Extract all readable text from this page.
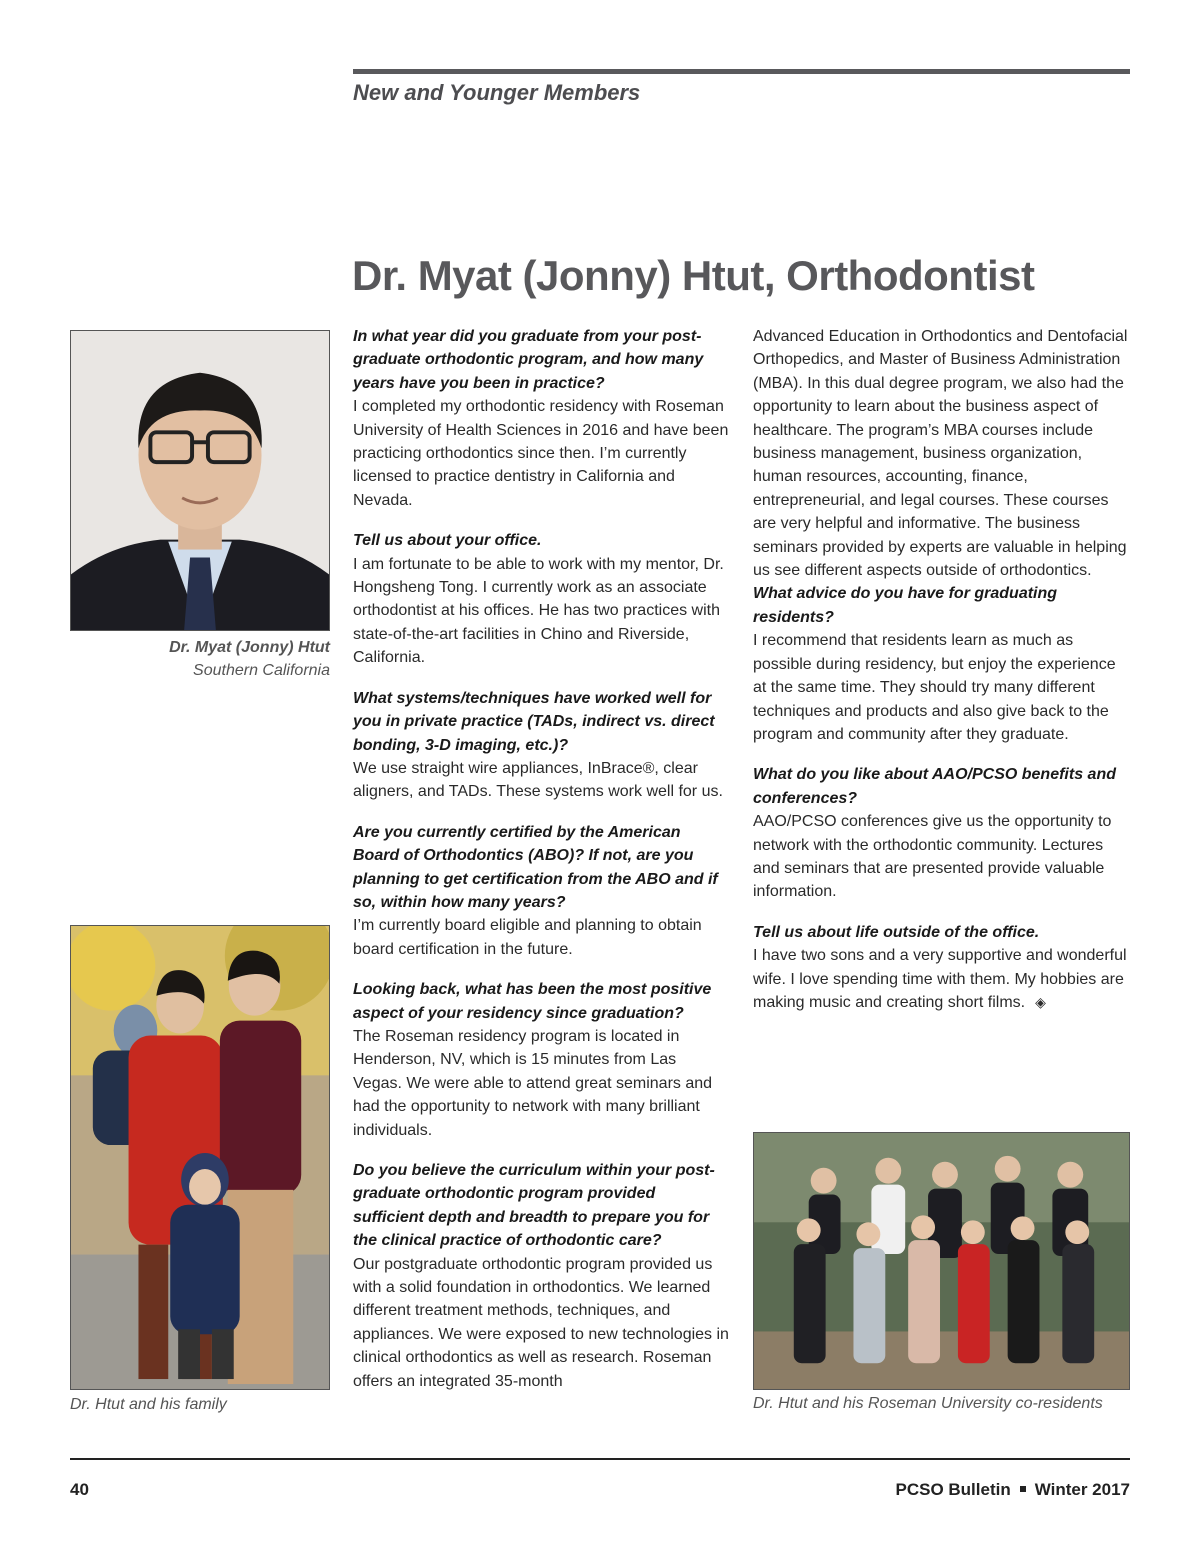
New and Younger Members
Dr. Myat (Jonny) Htut, Orthodontist
Dr. Myat (Jonny) Htut
Southern California
Dr. Htut and his family

In what year did you graduate from your post-graduate orthodontic program, and how many years have you been in practice?

I completed my orthodontic residency with Roseman University of Health Sciences in 2016 and have been practicing orthodontics since then. I’m currently licensed to practice dentistry in California and Nevada.

Tell us about your office.

I am fortunate to be able to work with my mentor, Dr. Hongsheng Tong. I currently work as an associate orthodontist at his offices. He has two practices with state-of-the-art facilities in Chino and Riverside, California.

What systems/techniques have worked well for you in private practice (TADs, indirect vs. direct bonding, 3-D imaging, etc.)?

We use straight wire appliances, InBrace®, clear aligners, and TADs. These systems work well for us.

Are you currently certified by the American Board of Orthodontics (ABO)? If not, are you planning to get certification from the ABO and if so, within how many years?

I’m currently board eligible and planning to obtain board certification in the future.

Looking back, what has been the most positive aspect of your residency since graduation?

The Roseman residency program is located in Henderson, NV, which is 15 minutes from Las Vegas. We were able to attend great seminars and had the opportunity to network with many brilliant individuals.

Do you believe the curriculum within your post-graduate orthodontic program provided sufficient depth and breadth to prepare you for the clinical practice of orthodontic care?

Our postgraduate orthodontic program provided us with a solid foundation in orthodontics. We learned different treatment methods, techniques, and appliances. We were exposed to new technologies in clinical orthodontics as well as research. Roseman offers an integrated 35-month

Advanced Education in Orthodontics and Dentofacial Orthopedics, and Master of Business Administration (MBA). In this dual degree program, we also had the opportunity to learn about the business aspect of healthcare. The program’s MBA courses include business management, business organization, human resources, accounting, finance, entrepreneurial, and legal courses. These courses are very helpful and informative. The business seminars provided by experts are valuable in helping us see different aspects outside of orthodontics.

What advice do you have for graduating residents?

I recommend that residents learn as much as possible during residency, but enjoy the experience at the same time. They should try many different techniques and products and also give back to the program and community after they graduate.

What do you like about AAO/PCSO benefits and conferences?

AAO/PCSO conferences give us the opportunity to network with the orthodontic community. Lectures and seminars that are presented provide valuable information.

Tell us about life outside of the office.

I have two sons and a very supportive and wonderful wife. I love spending time with them. My hobbies are making music and creating short films. ◈

Dr. Htut and his Roseman University co-residents
40	PCSO Bulletin Winter 2017
